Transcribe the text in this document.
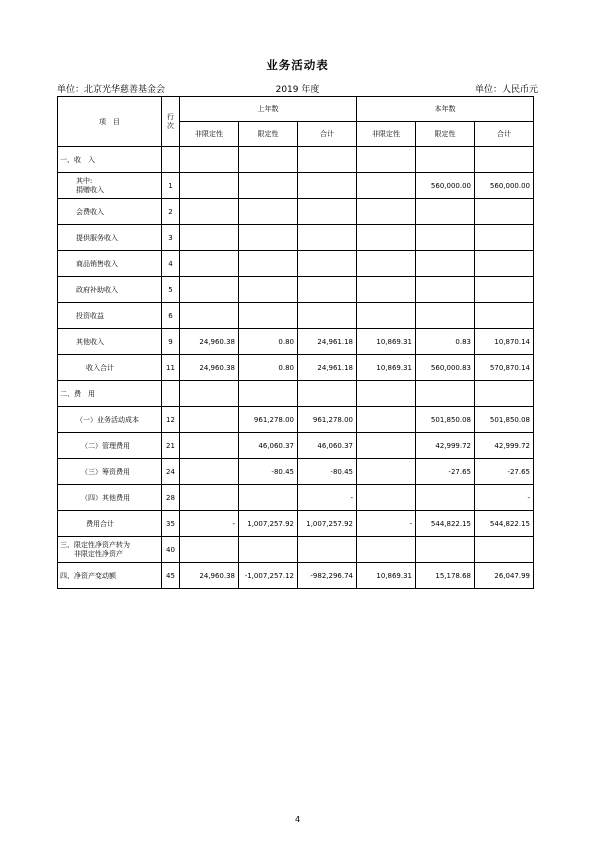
业务活动表
单位：北京光华慈善基金会	2019 年度	单位：人民币元
项　目	行
次	上年数			本年数		
		非限定性	限定性	合计	非限定性	限定性	合计
一、收　入							
其中:
捐赠收入	1					560,000.00	560,000.00
会费收入	2						
提供服务收入	3						
商品销售收入	4						
政府补助收入	5						
投资收益	6						
其他收入	9	24,960.38	0.80	24,961.18	10,869.31	0.83	10,870.14
收入合计	11	24,960.38	0.80	24,961.18	10,869.31	560,000.83	570,870.14
二、费　用							
（一）业务活动成本	12		961,278.00	961,278.00		501,850.08	501,850.08
（二）管理费用	21		46,060.37	46,060.37		42,999.72	42,999.72
（三）筹资费用	24		-80.45	-80.45		-27.65	-27.65
（四）其他费用	28			-			-
费用合计	35	-	1,007,257.92	1,007,257.92	-	544,822.15	544,822.15
三、限定性净资产转为
非限定性净资产	40						
四、净资产变动额	45	24,960.38	-1,007,257.12	-982,296.74	10,869.31	15,178.68	26,047.99
4
